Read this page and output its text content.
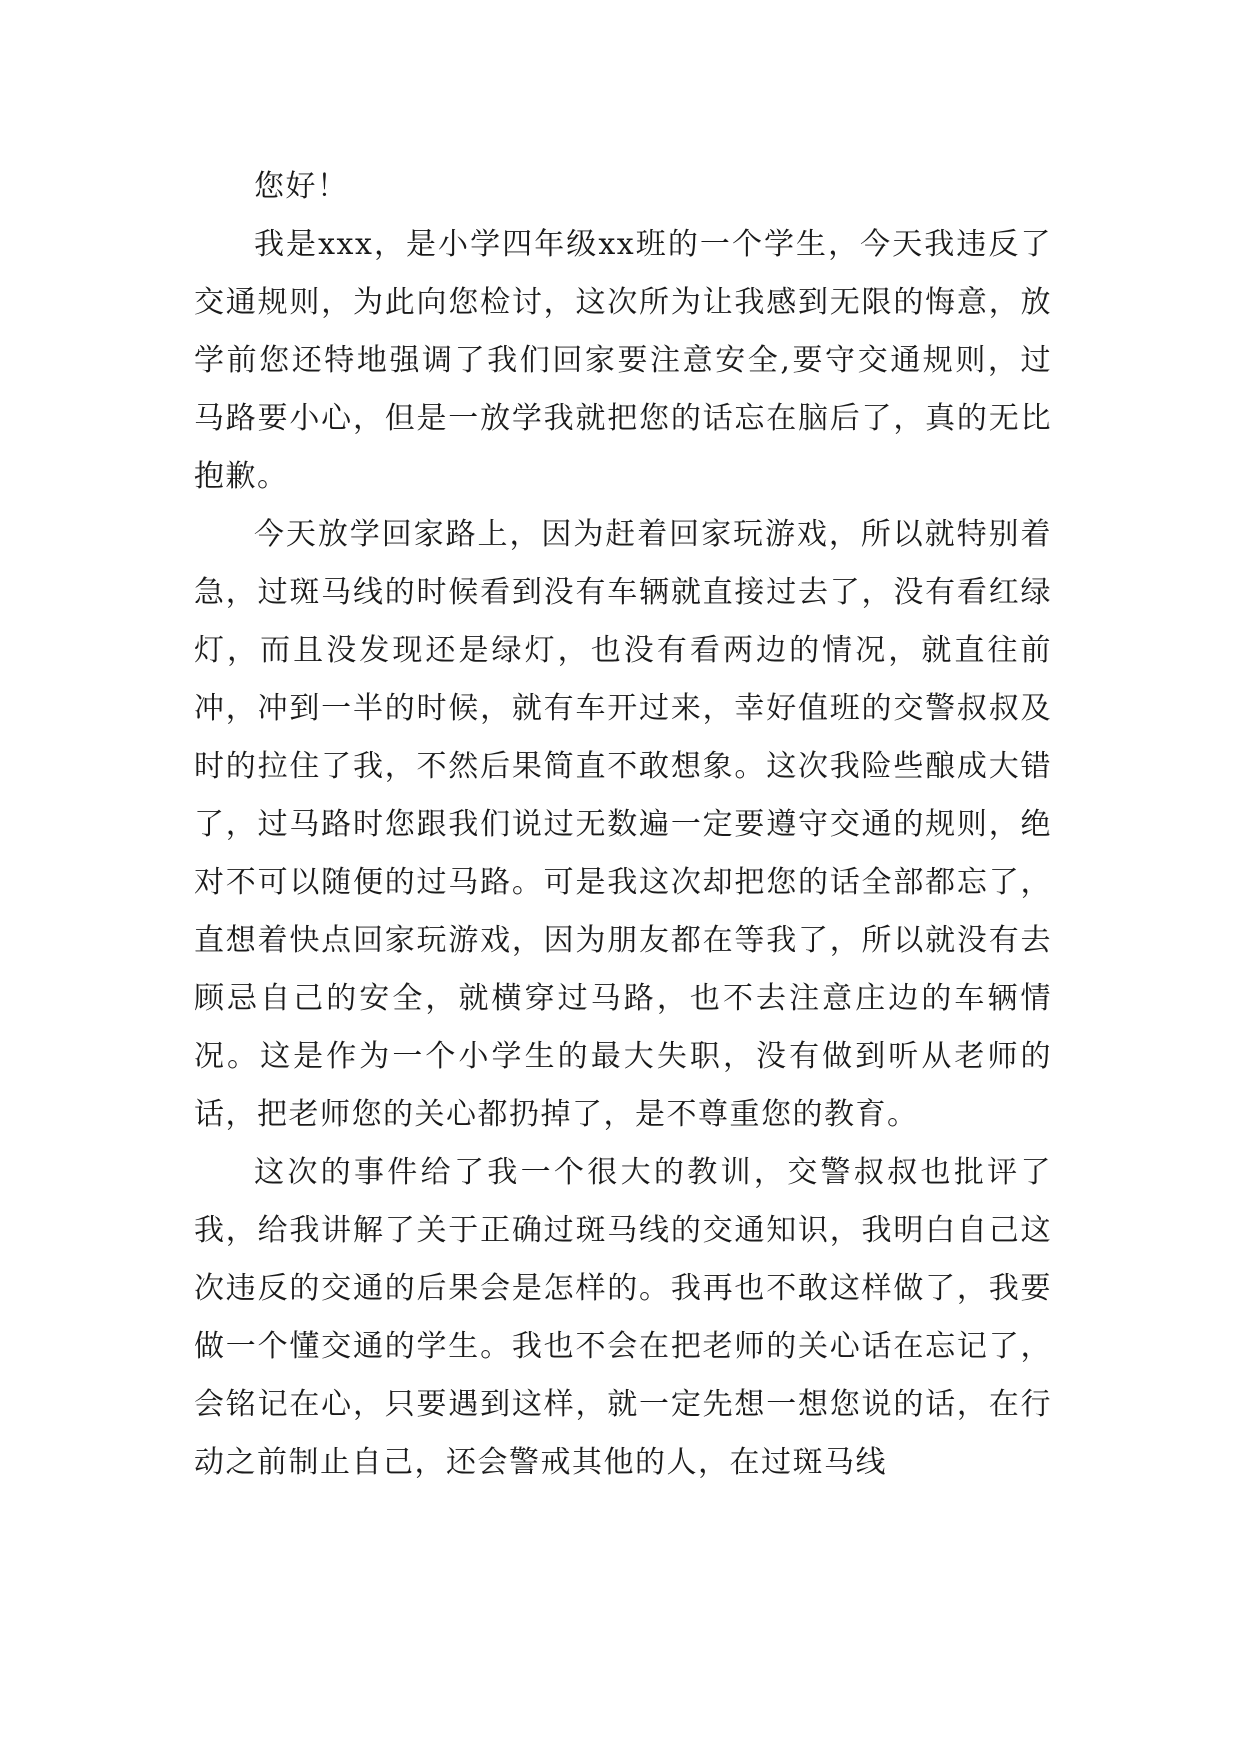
您好！

我是xxx，是小学四年级xx班的一个学生，今天我违反了交通规则，为此向您检讨，这次所为让我感到无限的悔意，放学前您还特地强调了我们回家要注意安全,要守交通规则，过马路要小心，但是一放学我就把您的话忘在脑后了，真的无比抱歉。

今天放学回家路上，因为赶着回家玩游戏，所以就特别着急，过斑马线的时候看到没有车辆就直接过去了，没有看红绿灯，而且没发现还是绿灯，也没有看两边的情况，就直往前冲，冲到一半的时候，就有车开过来，幸好值班的交警叔叔及时的拉住了我，不然后果简直不敢想象。这次我险些酿成大错了，过马路时您跟我们说过无数遍一定要遵守交通的规则，绝对不可以随便的过马路。可是我这次却把您的话全部都忘了，直想着快点回家玩游戏，因为朋友都在等我了，所以就没有去顾忌自己的安全，就横穿过马路，也不去注意庄边的车辆情况。这是作为一个小学生的最大失职，没有做到听从老师的话，把老师您的关心都扔掉了，是不尊重您的教育。

这次的事件给了我一个很大的教训，交警叔叔也批评了我，给我讲解了关于正确过斑马线的交通知识，我明白自己这次违反的交通的后果会是怎样的。我再也不敢这样做了，我要做一个懂交通的学生。我也不会在把老师的关心话在忘记了，会铭记在心，只要遇到这样，就一定先想一想您说的话，在行动之前制止自己，还会警戒其他的人，在过斑马线
